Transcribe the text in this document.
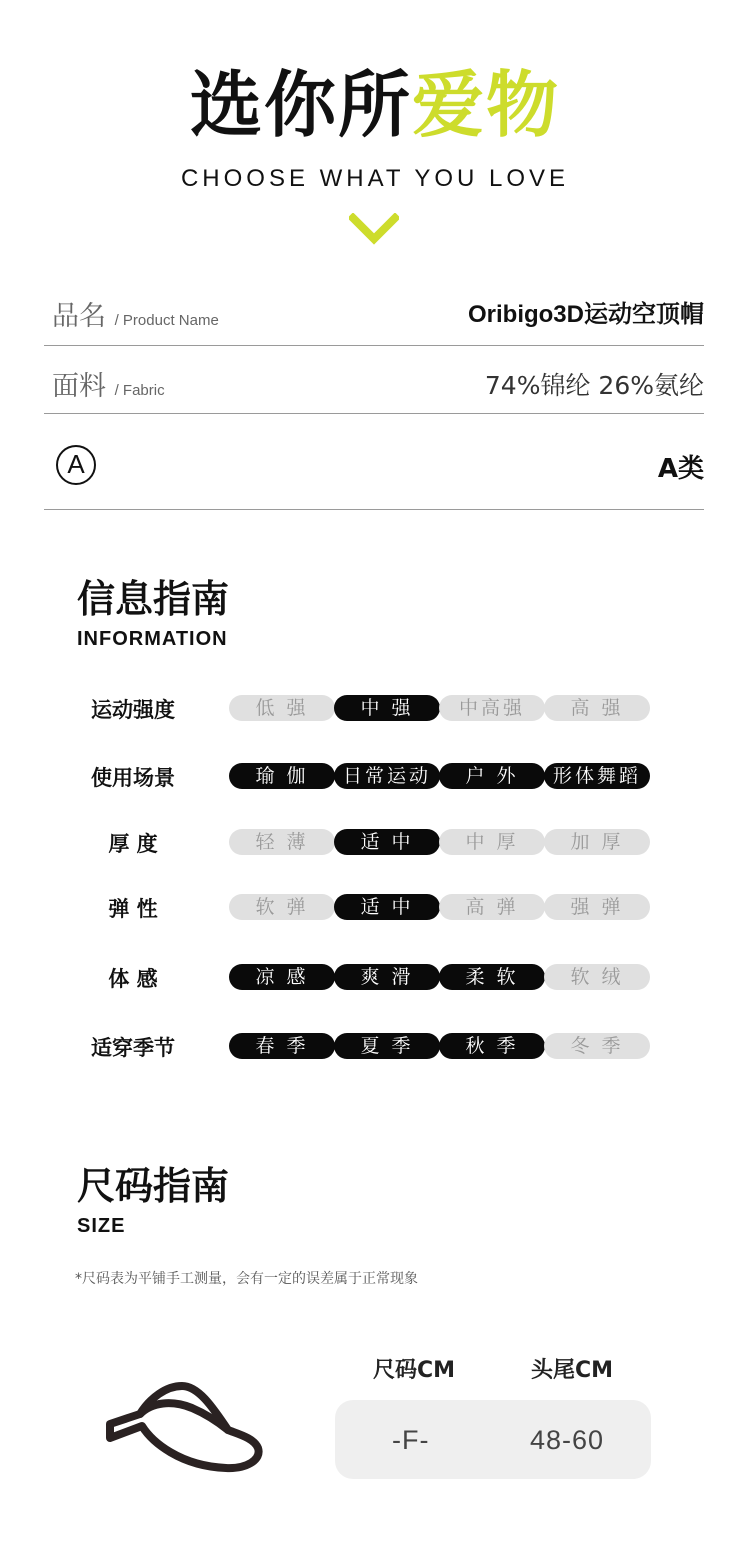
选你所爱物
CHOOSE WHAT YOU LOVE
品名 / Product Name	Oribigo3D运动空顶帽
面料 / Fabric	74%锦纶 26%氨纶
A	A类
信息指南
INFORMATION
运动强度	低 强	中 强	中高强	高 强
使用场景	瑜 伽	日常运动	户 外	形体舞蹈
厚 度	轻 薄	适 中	中 厚	加 厚
弹 性	软 弹	适 中	高 弹	强 弹
体 感	凉 感	爽 滑	柔 软	软 绒
适穿季节	春 季	夏 季	秋 季	冬 季
尺码指南
SIZE
*尺码表为平铺手工测量，会有一定的误差属于正常现象
尺码CM	头尾CM
-F-	48-60
